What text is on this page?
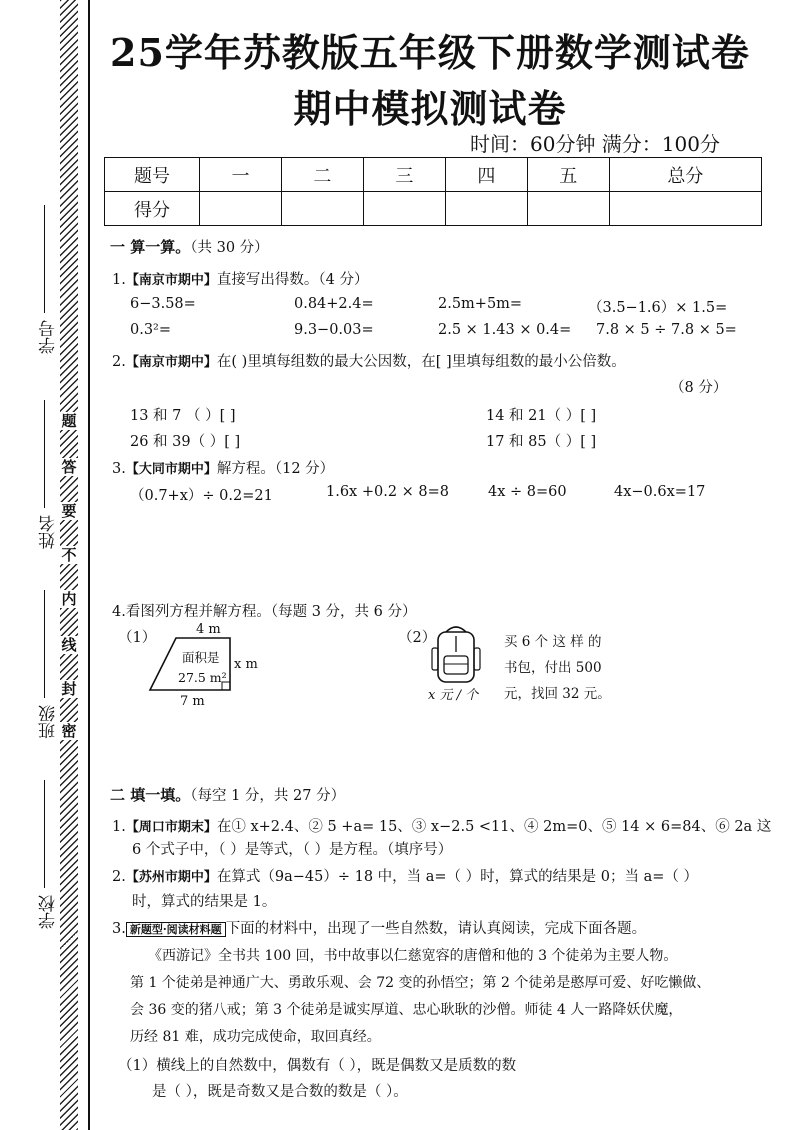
学号
姓名
班级
学校
题
答
要
不
内
线
封
密
25学年苏教版五年级下册数学测试卷
期中模拟测试卷
时间：60分钟 满分：100分
题号	一	二	三	四	五	总分
得分						
一 算一算。（共 30 分）
1.【南京市期中】直接写出得数。（4 分）
6−3.58=	0.84+2.4=	2.5m+5m=	（3.5−1.6）× 1.5=
0.3²=	9.3−0.03=	2.5 × 1.43 × 0.4= 7.8 × 5 ÷ 7.8 × 5=
2.【南京市期中】在( )里填每组数的最大公因数，在[ ]里填每组数的最小公倍数。
（8 分）
13 和 7 （ ）[ ]	14 和 21（ ）[ ]
26 和 39（ ）[ ]	17 和 85（ ）[ ]
3.【大同市期中】解方程。（12 分）
（0.7+x）÷ 0.2=21	1.6x +0.2 × 8=8	4x ÷ 8=60	4x−0.6x=17
4.看图列方程并解方程。（每题 3 分，共 6 分）
（1）
4 m
7 m
x m
面积是
27.5 m²
（2）
x 元 / 个
买 6 个 这 样 的
书包，付出 500
元，找回 32 元。
二 填一填。（每空 1 分，共 27 分）
1.【周口市期末】在① x+2.4、② 5 +a= 15、③ x−2.5 <11、④ 2m=0、⑤ 14 × 6=84、⑥ 2a 这
6 个式子中，（ ）是等式，（ ）是方程。（填序号）
2.【苏州市期中】在算式（9a−45）÷ 18 中，当 a=（ ）时，算式的结果是 0；当 a=（ ）
时，算式的结果是 1。
3. 新题型·阅读材料题 下面的材料中，出现了一些自然数，请认真阅读，完成下面各题。
《西游记》全书共 100 回，书中故事以仁慈宽容的唐僧和他的 3 个徒弟为主要人物。
第 1 个徒弟是神通广大、勇敢乐观、会 72 变的孙悟空；第 2 个徒弟是憨厚可爱、好吃懒做、
会 36 变的猪八戒；第 3 个徒弟是诚实厚道、忠心耿耿的沙僧。师徒 4 人一路降妖伏魔，
历经 81 难，成功完成使命，取回真经。
（1）横线上的自然数中，偶数有（ ），既是偶数又是质数的数
是（ ），既是奇数又是合数的数是（ ）。
